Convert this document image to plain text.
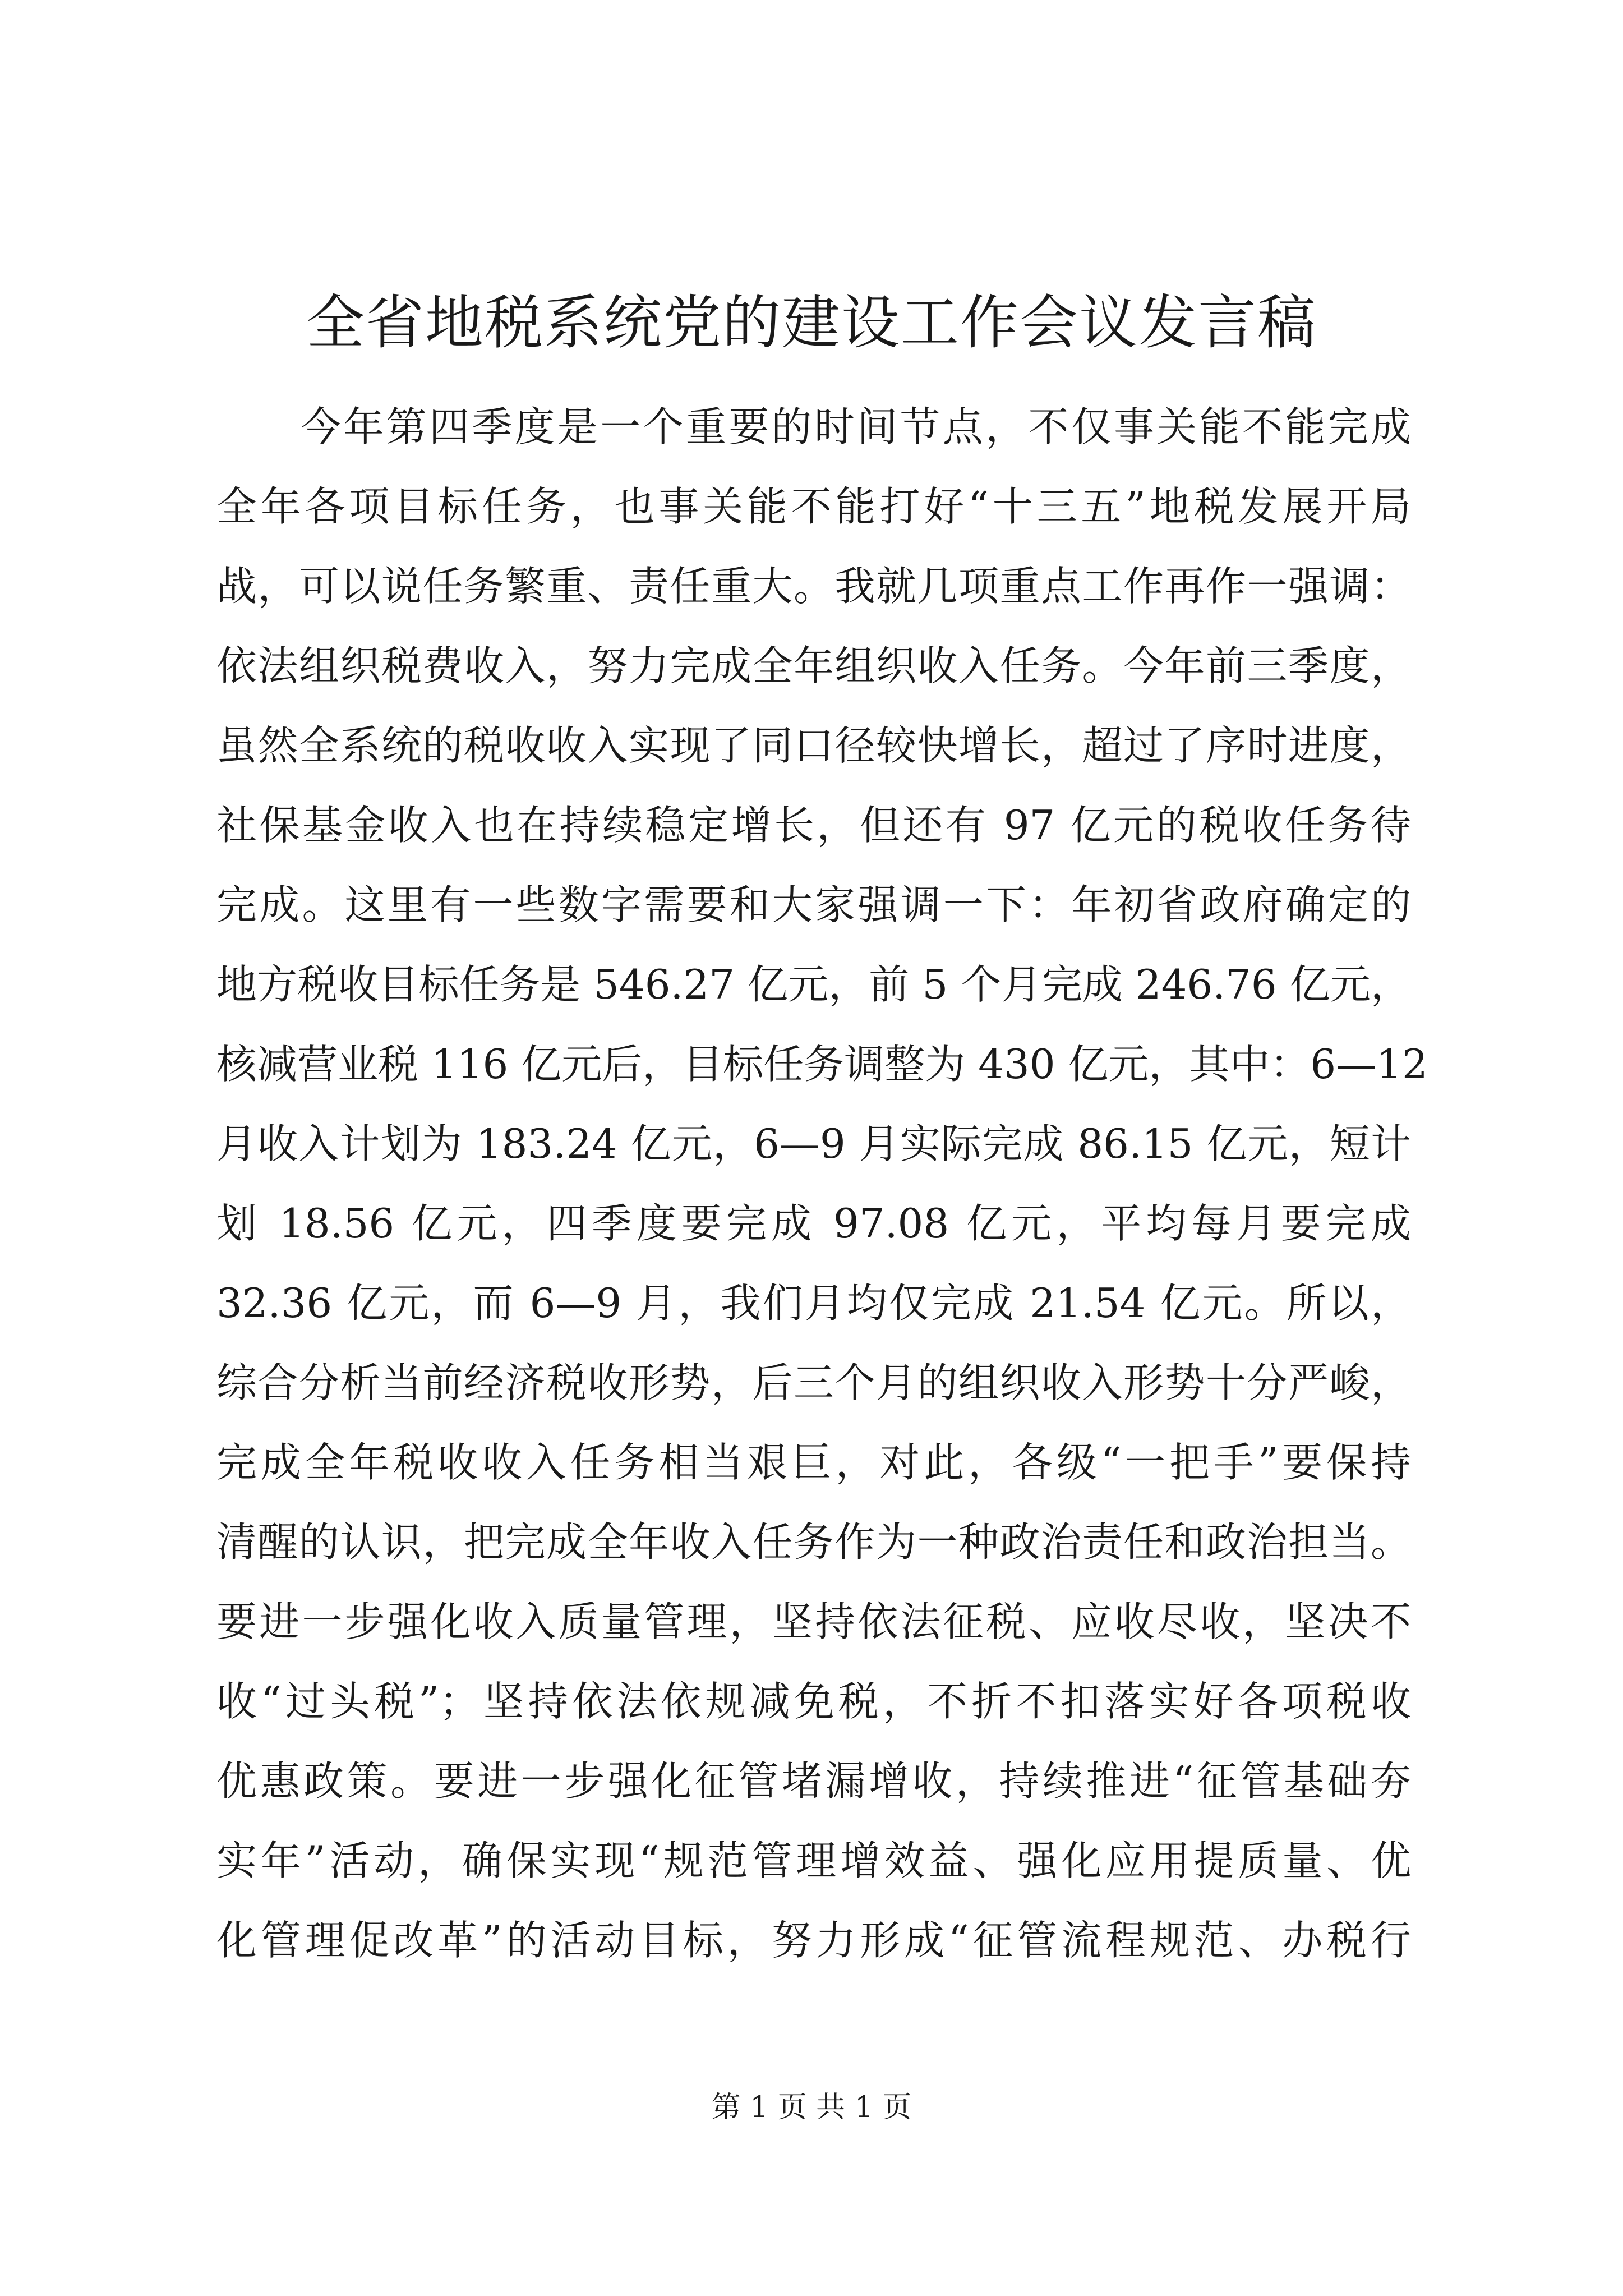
全省地税系统党的建设工作会议发言稿
今年第四季度是一个重要的时间节点，不仅事关能不能完成
全年各项目标任务，也事关能不能打好“十三五”地税发展开局
战，可以说任务繁重、责任重大。我就几项重点工作再作一强调：
依法组织税费收入，努力完成全年组织收入任务。今年前三季度，
虽然全系统的税收收入实现了同口径较快增长，超过了序时进度，
社保基金收入也在持续稳定增长，但还有 97 亿元的税收任务待
完成。这里有一些数字需要和大家强调一下：年初省政府确定的
地方税收目标任务是 546.27 亿元，前 5 个月完成 246.76 亿元，
核减营业税 116 亿元后，目标任务调整为 430 亿元，其中：6—12
月收入计划为 183.24 亿元，6—9 月实际完成 86.15 亿元，短计
划 18.56 亿元，四季度要完成 97.08 亿元，平均每月要完成
32.36 亿元，而 6—9 月，我们月均仅完成 21.54 亿元。所以，
综合分析当前经济税收形势，后三个月的组织收入形势十分严峻，
完成全年税收收入任务相当艰巨，对此，各级“一把手”要保持
清醒的认识，把完成全年收入任务作为一种政治责任和政治担当。
要进一步强化收入质量管理，坚持依法征税、应收尽收，坚决不
收“过头税”；坚持依法依规减免税，不折不扣落实好各项税收
优惠政策。要进一步强化征管堵漏增收，持续推进“征管基础夯
实年”活动，确保实现“规范管理增效益、强化应用提质量、优
化管理促改革”的活动目标，努力形成“征管流程规范、办税行
第 1 页 共 1 页
